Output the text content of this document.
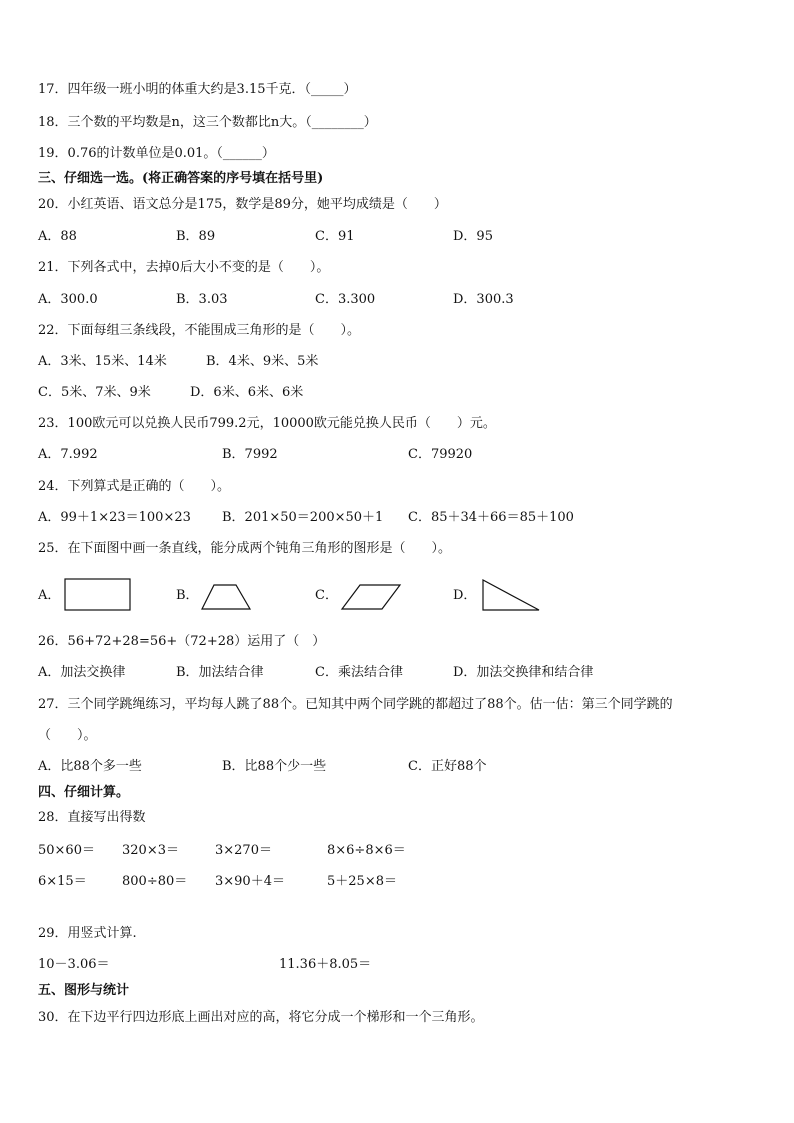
17．四年级一班小明的体重大约是3.15千克．（_____）
18．三个数的平均数是n，这三个数都比n大。（________）
19．0.76的计数单位是0.01。（______）
三、仔细选一选。(将正确答案的序号填在括号里)
20．小红英语、语文总分是175，数学是89分，她平均成绩是（　　）
A．88	B．89	C．91	D．95
21．下列各式中，去掉0后大小不变的是（　　）。
A．300.0	B．3.03	C．3.300	D．300.3
22．下面每组三条线段，不能围成三角形的是（　　）。
A．3米、15米、14米	B．4米、9米、5米
C．5米、7米、9米	D．6米、6米、6米
23．100欧元可以兑换人民币799.2元，10000欧元能兑换人民币（　　）元。
A．7.992	B．7992	C．79920
24．下列算式是正确的（　　）。
A．99＋1×23＝100×23 B．201×50＝200×50＋1 C．85＋34＋66＝85＋100
25．在下面图中画一条直线，能分成两个钝角三角形的图形是（　　）。
A．	B．	C．	D．
26．56+72+28=56+（72+28）运用了（　）
A．加法交换律	B．加法结合律	C．乘法结合律	D．加法交换律和结合律
27．三个同学跳绳练习，平均每人跳了88个。已知其中两个同学跳的都超过了88个。估一估：第三个同学跳的
（　　）。
A．比88个多一些	B．比88个少一些	C．正好88个
四、仔细计算。
28．直接写出得数
50×60＝ 320×3＝	3×270＝	8×6÷8×6＝
6×15＝	800÷80＝ 3×90＋4＝	5＋25×8＝
29．用竖式计算.
10－3.06＝	11.36＋8.05＝
五、图形与统计
30．在下边平行四边形底上画出对应的高，将它分成一个梯形和一个三角形。
